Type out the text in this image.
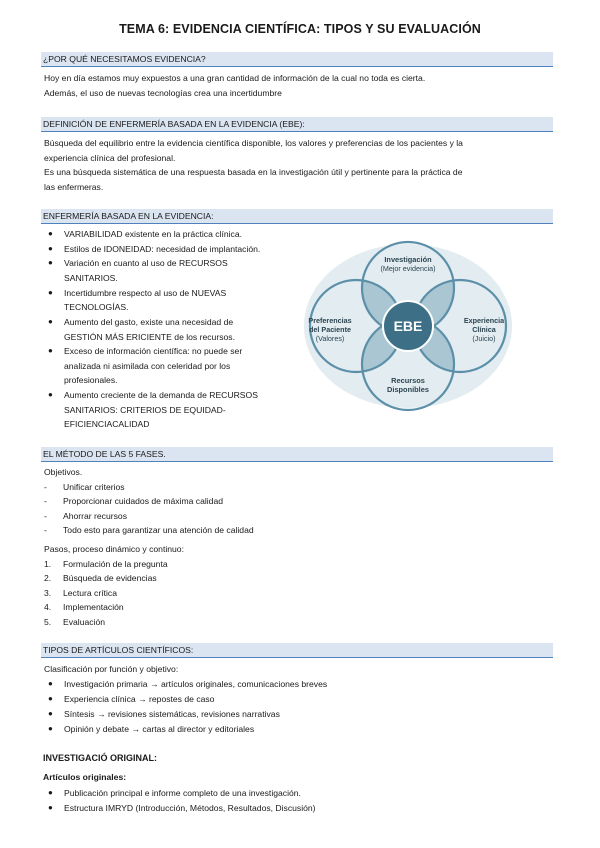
TEMA 6: EVIDENCIA CIENTÍFICA: TIPOS Y SU EVALUACIÓN
¿POR QUÉ NECESITAMOS EVIDENCIA?
Hoy en día estamos muy expuestos a una gran cantidad de información de la cual no toda es cierta.
Además, el uso de nuevas tecnologías crea una incertidumbre
DEFINICIÓN DE ENFERMERÍA BASADA EN LA EVIDENCIA (EBE):
Búsqueda del equilibrio entre la evidencia científica disponible, los valores y preferencias de los pacientes y la
experiencia clínica del profesional.
Es una búsqueda sistemática de una respuesta basada en la investigación útil y pertinente para la práctica de
las enfermeras.
ENFERMERÍA BASADA EN LA EVIDENCIA:
● VARIABILIDAD existente en la práctica clínica.
● Estilos de IDONEIDAD: necesidad de implantación.
● Variación en cuanto al uso de RECURSOS
SANITARIOS.
● Incertidumbre respecto al uso de NUEVAS
TECNOLOGÍAS.
● Aumento del gasto, existe una necesidad de
GESTIÓN MÁS ERICIENTE de los recursos.
● Exceso de información científica: no puede ser
analizada ni asimilada con celeridad por los
profesionales.
● Aumento creciente de la demanda de RECURSOS
SANITARIOS: CRITERIOS DE EQUIDAD-
EFICIENCIACALIDAD
EBE
Investigación
(Mejor evidencia)
Preferencias
del Paciente
(Valores)
Experiencia
Clínica
(Juicio)
Recursos
Disponibles
EL MÉTODO DE LAS 5 FASES.
Objetivos.
- Unificar criterios
- Proporcionar cuidados de máxima calidad
- Ahorrar recursos
- Todo esto para garantizar una atención de calidad
Pasos, proceso dinámico y continuo:
1. Formulación de la pregunta
2. Búsqueda de evidencias
3. Lectura crítica
4. Implementación
5. Evaluación
TIPOS DE ARTÍCULOS CIENTÍFICOS:
Clasificación por función y objetivo:
● Investigación primaria → artículos originales, comunicaciones breves
● Experiencia clínica → repostes de caso
● Síntesis → revisiones sistemáticas, revisiones narrativas
● Opinión y debate → cartas al director y editoriales
INVESTIGACIÓ ORIGINAL:
Artículos originales:
● Publicación principal e informe completo de una investigación.
● Estructura IMRYD (Introducción, Métodos, Resultados, Discusión)
